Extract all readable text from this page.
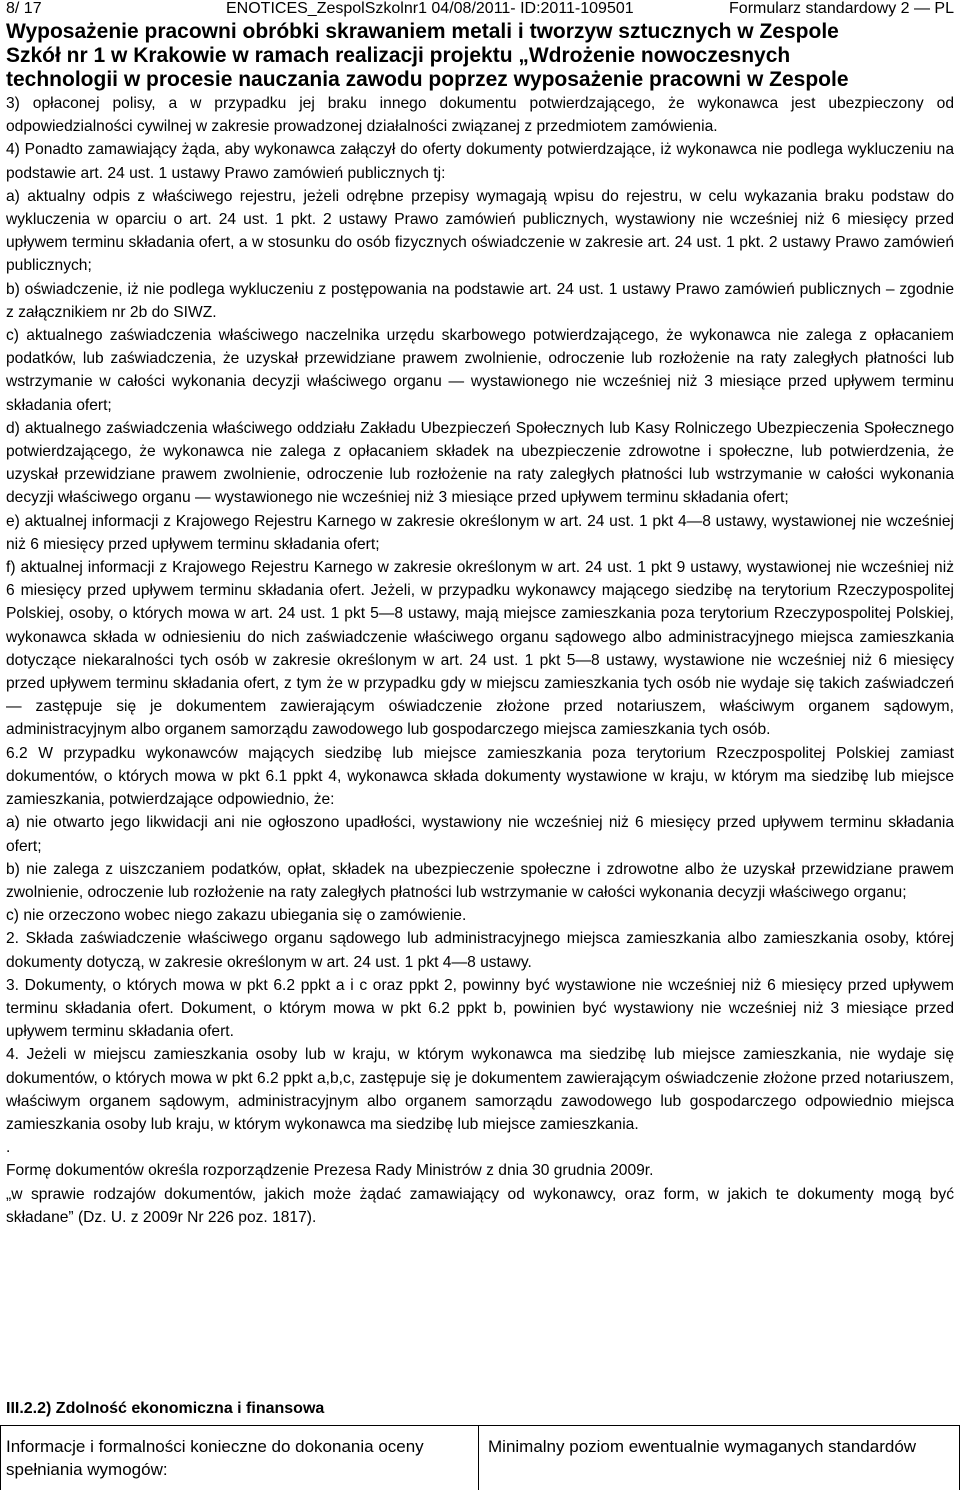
8/ 17	ENOTICES_ZespolSzkolnr1 04/08/2011- ID:2011-109501	Formularz standardowy 2 — PL
Wyposażenie pracowni obróbki skrawaniem metali i tworzyw sztucznych w Zespole
Szkół nr 1 w Krakowie w ramach realizacji projektu „Wdrożenie nowoczesnych
technologii w procesie nauczania zawodu poprzez wyposażenie pracowni w Zespole

3) opłaconej polisy, a w przypadku jej braku innego dokumentu potwierdzającego, że wykonawca jest ubezpieczony od odpowiedzialności cywilnej w zakresie prowadzonej działalności związanej z przedmiotem zamówienia.

4) Ponadto zamawiający żąda, aby wykonawca załączył do oferty dokumenty potwierdzające, iż wykonawca nie podlega wykluczeniu na podstawie art. 24 ust. 1 ustawy Prawo zamówień publicznych tj:

a) aktualny odpis z właściwego rejestru, jeżeli odrębne przepisy wymagają wpisu do rejestru, w celu wykazania braku podstaw do wykluczenia w oparciu o art. 24 ust. 1 pkt. 2 ustawy Prawo zamówień publicznych, wystawiony nie wcześniej niż 6 miesięcy przed upływem terminu składania ofert, a w stosunku do osób fizycznych oświadczenie w zakresie art. 24 ust. 1 pkt. 2 ustawy Prawo zamówień publicznych;

b) oświadczenie, iż nie podlega wykluczeniu z postępowania na podstawie art. 24 ust. 1 ustawy Prawo zamówień publicznych – zgodnie z załącznikiem nr 2b do SIWZ.

c) aktualnego zaświadczenia właściwego naczelnika urzędu skarbowego potwierdzającego, że wykonawca nie zalega z opłacaniem podatków, lub zaświadczenia, że uzyskał przewidziane prawem zwolnienie, odroczenie lub rozłożenie na raty zaległych płatności lub wstrzymanie w całości wykonania decyzji właściwego organu — wystawionego nie wcześniej niż 3 miesiące przed upływem terminu składania ofert;

d) aktualnego zaświadczenia właściwego oddziału Zakładu Ubezpieczeń Społecznych lub Kasy Rolniczego Ubezpieczenia Społecznego potwierdzającego, że wykonawca nie zalega z opłacaniem składek na ubezpieczenie zdrowotne i społeczne, lub potwierdzenia, że uzyskał przewidziane prawem zwolnienie, odroczenie lub rozłożenie na raty zaległych płatności lub wstrzymanie w całości wykonania decyzji właściwego organu — wystawionego nie wcześniej niż 3 miesiące przed upływem terminu składania ofert;

e) aktualnej informacji z Krajowego Rejestru Karnego w zakresie określonym w art. 24 ust. 1 pkt 4—8 ustawy, wystawionej nie wcześniej niż 6 miesięcy przed upływem terminu składania ofert;

f) aktualnej informacji z Krajowego Rejestru Karnego w zakresie określonym w art. 24 ust. 1 pkt 9 ustawy, wystawionej nie wcześniej niż 6 miesięcy przed upływem terminu składania ofert. Jeżeli, w przypadku wykonawcy mającego siedzibę na terytorium Rzeczypospolitej Polskiej, osoby, o których mowa w art. 24 ust. 1 pkt 5—8 ustawy, mają miejsce zamieszkania poza terytorium Rzeczypospolitej Polskiej, wykonawca składa w odniesieniu do nich zaświadczenie właściwego organu sądowego albo administracyjnego miejsca zamieszkania dotyczące niekaralności tych osób w zakresie określonym w art. 24 ust. 1 pkt 5—8 ustawy, wystawione nie wcześniej niż 6 miesięcy przed upływem terminu składania ofert, z tym że w przypadku gdy w miejscu zamieszkania tych osób nie wydaje się takich zaświadczeń — zastępuje się je dokumentem zawierającym oświadczenie złożone przed notariuszem, właściwym organem sądowym, administracyjnym albo organem samorządu zawodowego lub gospodarczego miejsca zamieszkania tych osób.

6.2 W przypadku wykonawców mających siedzibę lub miejsce zamieszkania poza terytorium Rzeczpospolitej Polskiej zamiast dokumentów, o których mowa w pkt 6.1 ppkt 4, wykonawca składa dokumenty wystawione w kraju, w którym ma siedzibę lub miejsce zamieszkania, potwierdzające odpowiednio, że:

a) nie otwarto jego likwidacji ani nie ogłoszono upadłości, wystawiony nie wcześniej niż 6 miesięcy przed upływem terminu składania ofert;

b) nie zalega z uiszczaniem podatków, opłat, składek na ubezpieczenie społeczne i zdrowotne albo że uzyskał przewidziane prawem zwolnienie, odroczenie lub rozłożenie na raty zaległych płatności lub wstrzymanie w całości wykonania decyzji właściwego organu;

c) nie orzeczono wobec niego zakazu ubiegania się o zamówienie.

2. Składa zaświadczenie właściwego organu sądowego lub administracyjnego miejsca zamieszkania albo zamieszkania osoby, której dokumenty dotyczą, w zakresie określonym w art. 24 ust. 1 pkt 4—8 ustawy.

3. Dokumenty, o których mowa w pkt 6.2 ppkt a i c oraz ppkt 2, powinny być wystawione nie wcześniej niż 6 miesięcy przed upływem terminu składania ofert. Dokument, o którym mowa w pkt 6.2 ppkt b, powinien być wystawiony nie wcześniej niż 3 miesiące przed upływem terminu składania ofert.

4. Jeżeli w miejscu zamieszkania osoby lub w kraju, w którym wykonawca ma siedzibę lub miejsce zamieszkania, nie wydaje się dokumentów, o których mowa w pkt 6.2 ppkt a,b,c, zastępuje się je dokumentem zawierającym oświadczenie złożone przed notariuszem, właściwym organem sądowym, administracyjnym albo organem samorządu zawodowego lub gospodarczego odpowiednio miejsca zamieszkania osoby lub kraju, w którym wykonawca ma siedzibę lub miejsce zamieszkania.

.

Formę dokumentów określa rozporządzenie Prezesa Rady Ministrów z dnia 30 grudnia 2009r.

„w sprawie rodzajów dokumentów, jakich może żądać zamawiający od wykonawcy, oraz form, w jakich te dokumenty mogą być składane” (Dz. U. z 2009r Nr 226 poz. 1817).

III.2.2) Zdolność ekonomiczna i finansowa
Informacje i formalności konieczne do dokonania oceny spełniania wymogów:
Minimalny poziom ewentualnie wymaganych standardów
